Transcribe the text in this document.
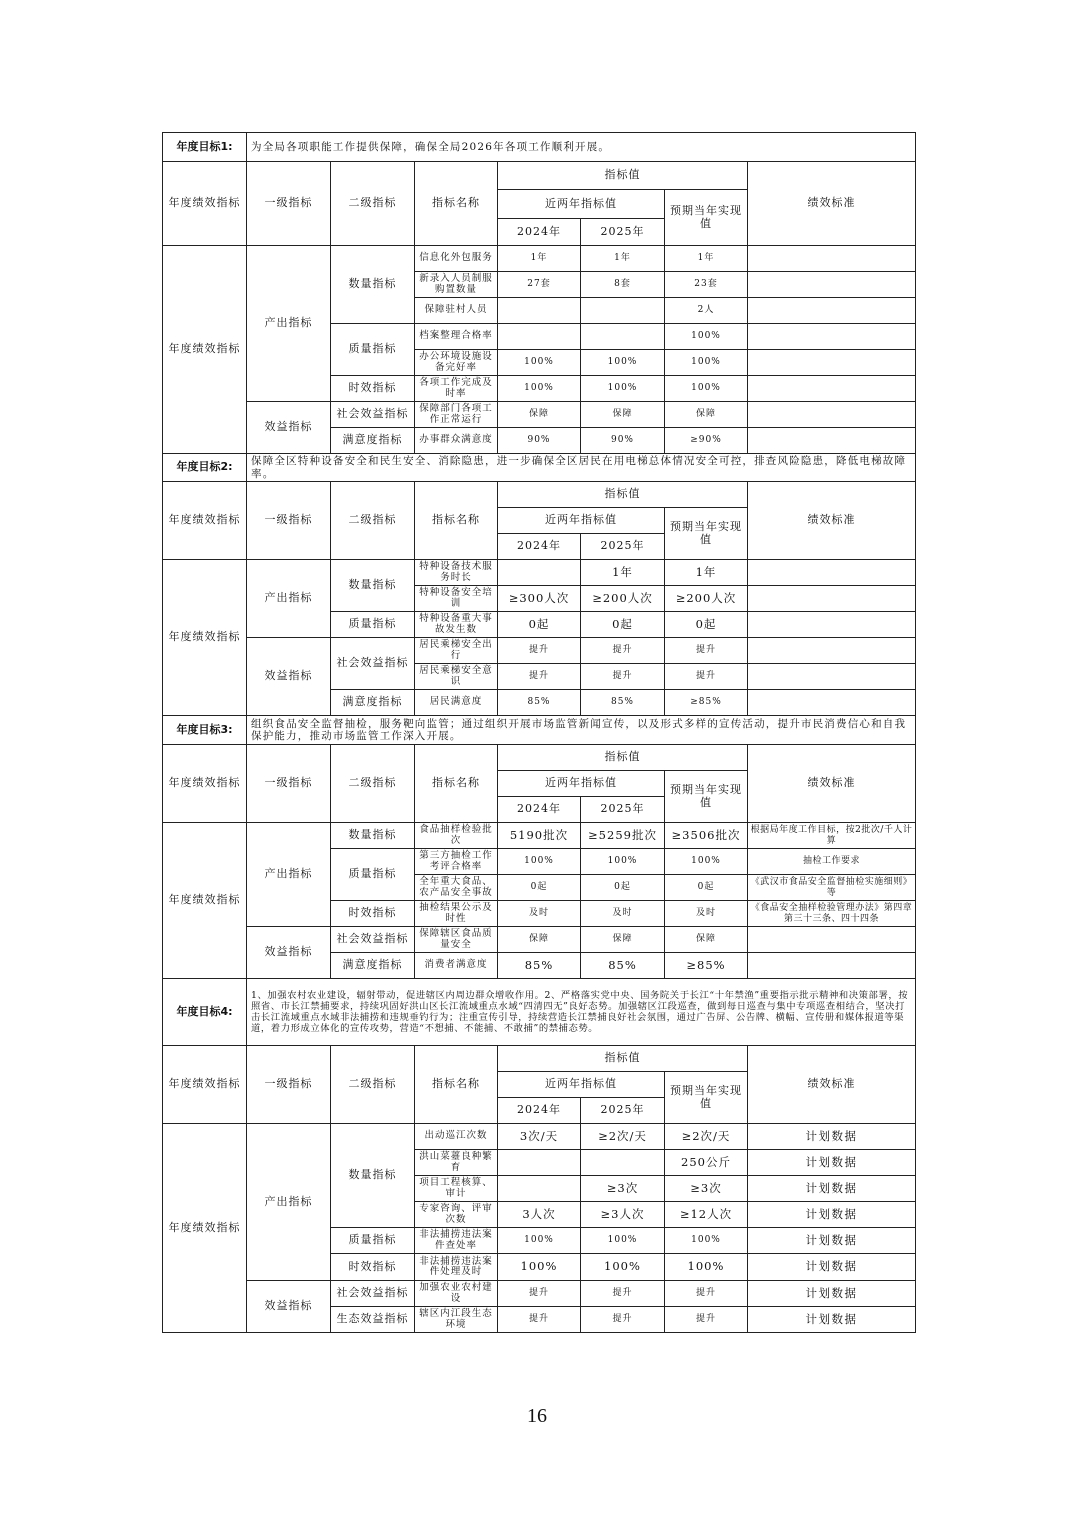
年度目标1:	为全局各项职能工作提供保障，确保全局2026年各项工作顺利开展。						
年度绩效指标	一级指标	二级指标	指标名称	指标值			绩效标准
				近两年指标值		预期当年实现值	
				2024年	2025年		
年度绩效指标	产出指标	数量指标	信息化外包服务	1年	1年	1年	
			新录入人员制服购置数量	27套	8套	23套	
			保障驻村人员			2人	
		质量指标	档案整理合格率			100%	
			办公环境设施设备完好率	100%	100%	100%	
		时效指标	各项工作完成及时率	100%	100%	100%	
	效益指标	社会效益指标	保障部门各项工作正常运行	保障	保障	保障	
		满意度指标	办事群众满意度	90%	90%	≥90%	
年度目标2:	保障全区特种设备安全和民生安全、消除隐患，进一步确保全区居民在用电梯总体情况安全可控，排查风险隐患，降低电梯故障率。						
年度绩效指标	一级指标	二级指标	指标名称	指标值			绩效标准
				近两年指标值		预期当年实现值	
				2024年	2025年		
年度绩效指标	产出指标	数量指标	特种设备技术服务时长		1年	1年	
			特种设备安全培训	≥300人次	≥200人次	≥200人次	
		质量指标	特种设备重大事故发生数	0起	0起	0起	
	效益指标	社会效益指标	居民乘梯安全出行	提升	提升	提升	
			居民乘梯安全意识	提升	提升	提升	
		满意度指标	居民满意度	85%	85%	≥85%	
年度目标3:	组织食品安全监督抽检，服务靶向监管；通过组织开展市场监管新闻宣传，以及形式多样的宣传活动，提升市民消费信心和自我保护能力，推动市场监管工作深入开展。						
年度绩效指标	一级指标	二级指标	指标名称	指标值			绩效标准
				近两年指标值		预期当年实现值	
				2024年	2025年		
年度绩效指标	产出指标	数量指标	食品抽样检验批次	5190批次	≥5259批次	≥3506批次	根据局年度工作目标，按2批次/千人计算
		质量指标	第三方抽检工作考评合格率	100%	100%	100%	抽检工作要求
			全年重大食品、农产品安全事故	0起	0起	0起	《武汉市食品安全监督抽检实施细则》等
		时效指标	抽检结果公示及时性	及时	及时	及时	《食品安全抽样检验管理办法》第四章第三十三条、四十四条
	效益指标	社会效益指标	保障辖区食品质量安全	保障	保障	保障	
		满意度指标	消费者满意度	85%	85%	≥85%	
年度目标4:	1、加强农村农业建设，辐射带动，促进辖区内周边群众增收作用。2、严格落实党中央、国务院关于长江“十年禁渔”重要指示批示精神和决策部署，按照省、市长江禁捕要求，持续巩固好洪山区长江流域重点水域“四清四无”良好态势。加强辖区江段巡查，做到每日巡查与集中专项巡查相结合，坚决打击长江流域重点水域非法捕捞和违规垂钓行为；注重宣传引导，持续营造长江禁捕良好社会氛围，通过广告屏、公告牌、横幅、宣传册和媒体报道等渠道，着力形成立体化的宣传攻势，营造“不想捕、不能捕、不敢捕”的禁捕态势。						
年度绩效指标	一级指标	二级指标	指标名称	指标值			绩效标准
				近两年指标值		预期当年实现值	
				2024年	2025年		
年度绩效指标	产出指标	数量指标	出动巡江次数	3次/天	≥2次/天	≥2次/天	计划数据
			洪山菜薹良种繁育			250公斤	计划数据
			项目工程核算、审计		≥3次	≥3次	计划数据
			专家咨询、评审次数	3人次	≥3人次	≥12人次	计划数据
		质量指标	非法捕捞违法案件查处率	100%	100%	100%	计划数据
		时效指标	非法捕捞违法案件处理及时	100%	100%	100%	计划数据
	效益指标	社会效益指标	加强农业农村建设	提升	提升	提升	计划数据
		生态效益指标	辖区内江段生态环境	提升	提升	提升	计划数据
16
